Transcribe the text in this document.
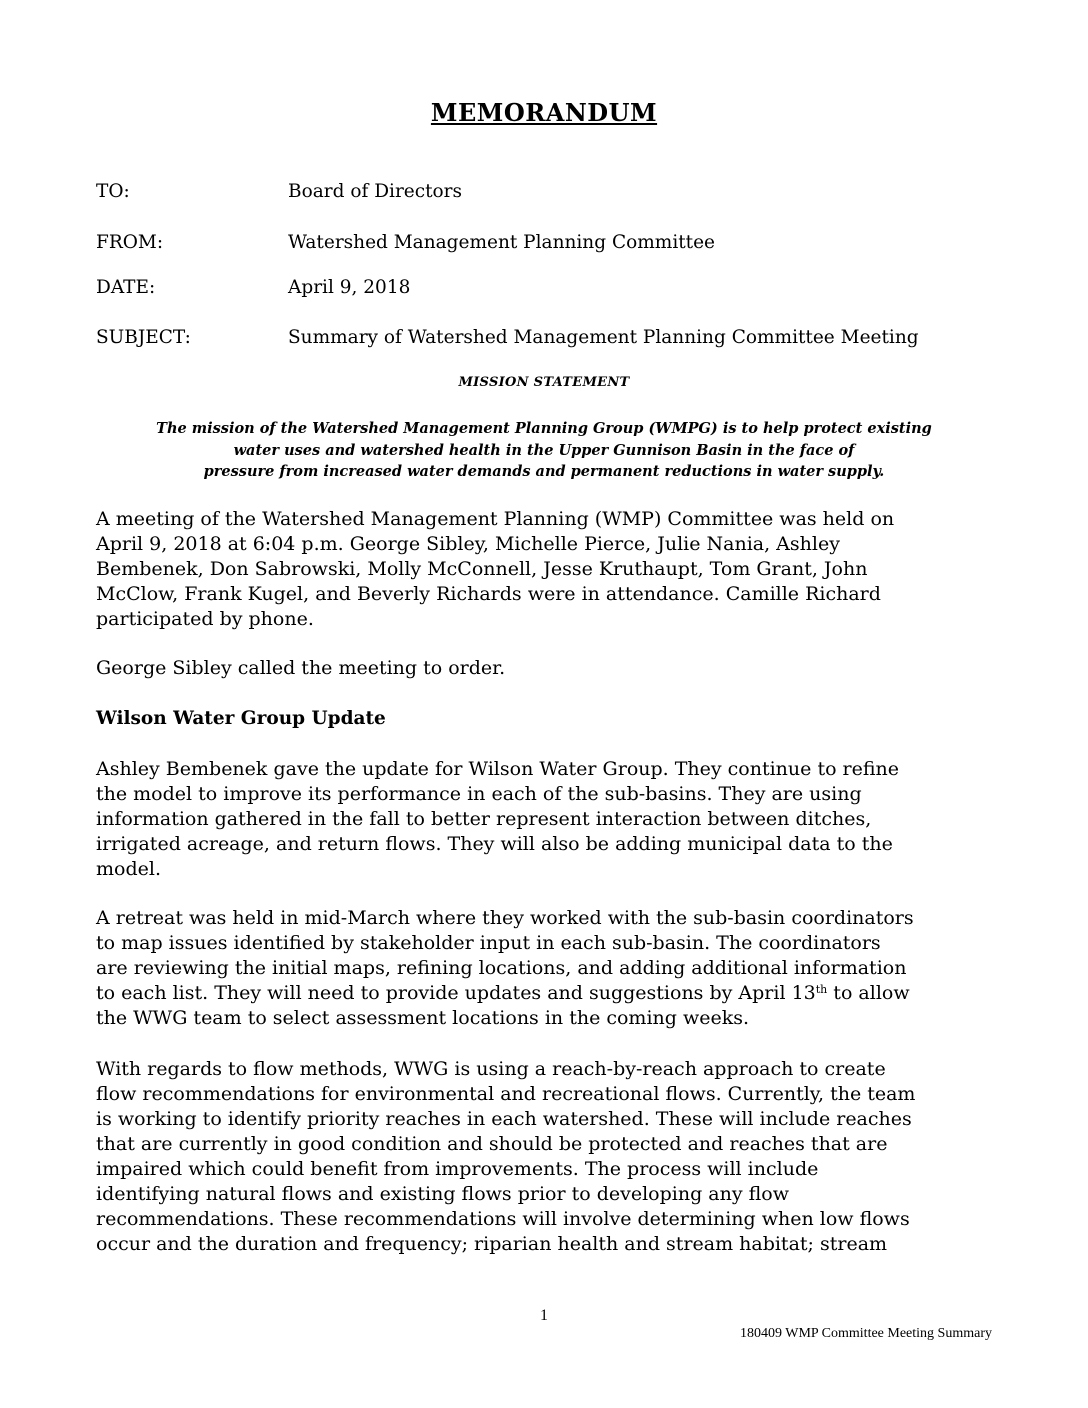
MEMORANDUM
TO:	Board of Directors
FROM:	Watershed Management Planning Committee
DATE:	April 9, 2018
SUBJECT:	Summary of Watershed Management Planning Committee Meeting
MISSION STATEMENT
The mission of the Watershed Management Planning Group (WMPG) is to help protect existing
water uses and watershed health in the Upper Gunnison Basin in the face of
pressure from increased water demands and permanent reductions in water supply.
A meeting of the Watershed Management Planning (WMP) Committee was held on
April 9, 2018 at 6:04 p.m. George Sibley, Michelle Pierce, Julie Nania, Ashley
Bembenek, Don Sabrowski, Molly McConnell, Jesse Kruthaupt, Tom Grant, John
McClow, Frank Kugel, and Beverly Richards were in attendance. Camille Richard
participated by phone.
George Sibley called the meeting to order.
Wilson Water Group Update
Ashley Bembenek gave the update for Wilson Water Group. They continue to refine
the model to improve its performance in each of the sub-basins. They are using
information gathered in the fall to better represent interaction between ditches,
irrigated acreage, and return flows. They will also be adding municipal data to the
model.
A retreat was held in mid-March where they worked with the sub-basin coordinators
to map issues identified by stakeholder input in each sub-basin. The coordinators
are reviewing the initial maps, refining locations, and adding additional information
to each list. They will need to provide updates and suggestions by April 13th to allow
the WWG team to select assessment locations in the coming weeks.
With regards to flow methods, WWG is using a reach-by-reach approach to create
flow recommendations for environmental and recreational flows. Currently, the team
is working to identify priority reaches in each watershed. These will include reaches
that are currently in good condition and should be protected and reaches that are
impaired which could benefit from improvements. The process will include
identifying natural flows and existing flows prior to developing any flow
recommendations. These recommendations will involve determining when low flows
occur and the duration and frequency; riparian health and stream habitat; stream
1
180409 WMP Committee Meeting Summary
